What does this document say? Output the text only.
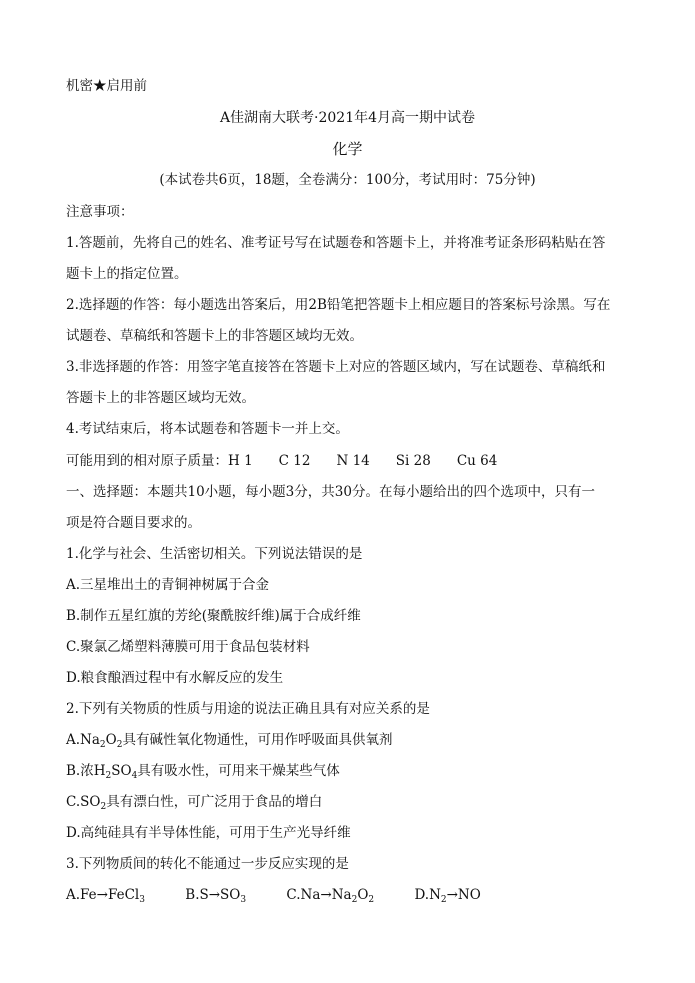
机密★启用前
A佳湖南大联考·2021年4月高一期中试卷
化学
(本试卷共6页，18题，全卷满分：100分，考试用时：75分钟)
注意事项：
1.答题前，先将自己的姓名、准考证号写在试题卷和答题卡上，并将准考证条形码粘贴在答
题卡上的指定位置。
2.选择题的作答：每小题选出答案后，用2B铅笔把答题卡上相应题目的答案标号涂黑。写在
试题卷、草稿纸和答题卡上的非答题区域均无效。
3.非选择题的作答：用签字笔直接答在答题卡上对应的答题区域内，写在试题卷、草稿纸和
答题卡上的非答题区域均无效。
4.考试结束后，将本试题卷和答题卡一并上交。
可能用到的相对原子质量：H 1 C 12 N 14 Si 28 Cu 64
一、选择题：本题共10小题，每小题3分，共30分。在每小题给出的四个选项中，只有一
项是符合题目要求的。
1.化学与社会、生活密切相关。下列说法错误的是
A.三星堆出土的青铜神树属于合金
B.制作五星红旗的芳纶(聚酰胺纤维)属于合成纤维
C.聚氯乙烯塑料薄膜可用于食品包装材料
D.粮食酿酒过程中有水解反应的发生
2.下列有关物质的性质与用途的说法正确且具有对应关系的是
$A.Na_2O_2$具有碱性氧化物通性，可用作呼吸面具供氧剂
B.浓$H_2SO_4$具有吸水性，可用来干燥某些气体
$C.SO_2$具有漂白性，可广泛用于食品的增白
D.高纯硅具有半导体性能，可用于生产光导纤维
3.下列物质间的转化不能通过一步反应实现的是
A.Fe→FeCl$_3$	$B.S\to SO_3$	$C.Na\to Na_2O_2$	$D.N_2\to NO$
